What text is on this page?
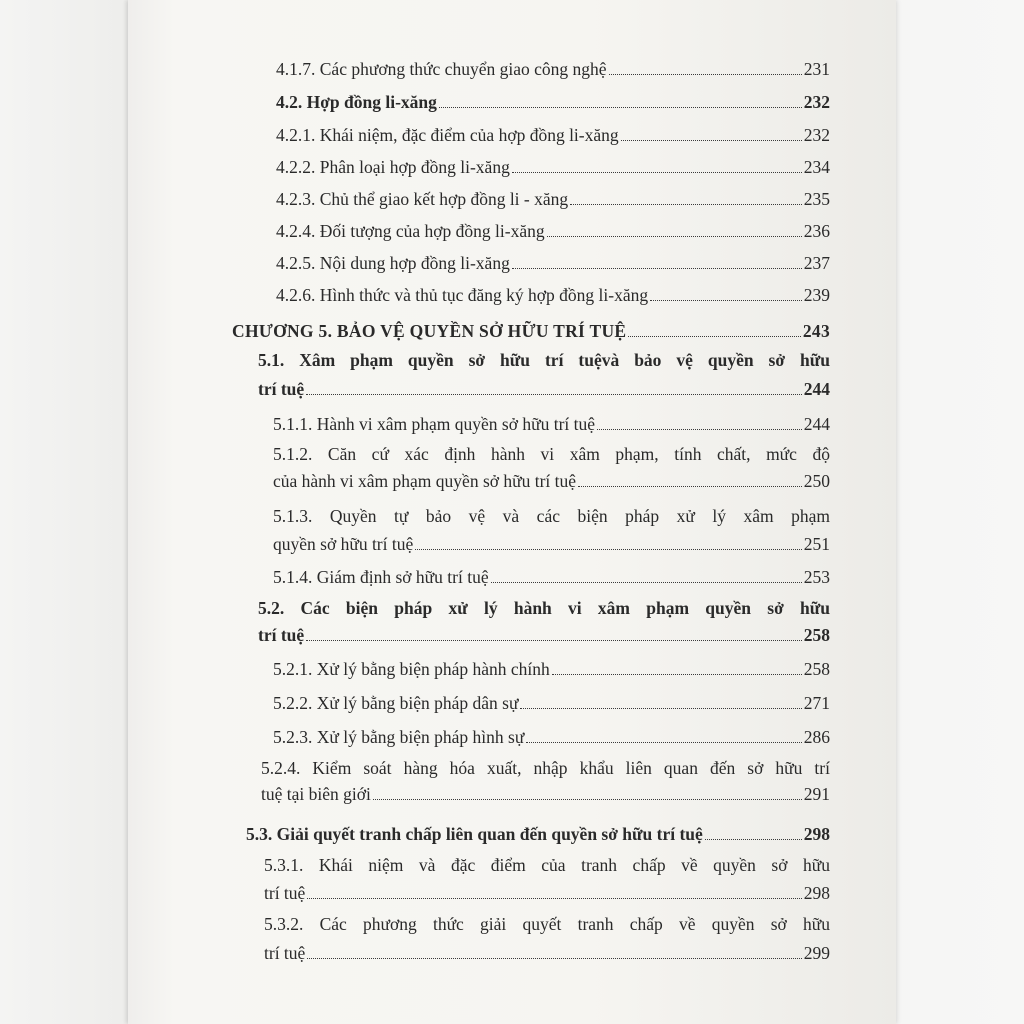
4.1.7. Các phương thức chuyển giao công nghệ	231
4.2. Hợp đồng li-xăng	232
4.2.1. Khái niệm, đặc điểm của hợp đồng li-xăng	232
4.2.2. Phân loại hợp đồng li-xăng	234
4.2.3. Chủ thể giao kết hợp đồng li - xăng	235
4.2.4. Đối tượng của hợp đồng li-xăng	236
4.2.5. Nội dung hợp đồng li-xăng	237
4.2.6. Hình thức và thủ tục đăng ký hợp đồng li-xăng	239
CHƯƠNG 5. BẢO VỆ QUYỀN SỞ HỮU TRÍ TUỆ	243
5.1. Xâm phạm quyền sở hữu trí tuệvà bảo vệ quyền sở hữu
trí tuệ	244
5.1.1. Hành vi xâm phạm quyền sở hữu trí tuệ	244
5.1.2. Căn cứ xác định hành vi xâm phạm, tính chất, mức độ
của hành vi xâm phạm quyền sở hữu trí tuệ	250
5.1.3. Quyền tự bảo vệ và các biện pháp xử lý xâm phạm
quyền sở hữu trí tuệ	251
5.1.4. Giám định sở hữu trí tuệ	253
5.2. Các biện pháp xử lý hành vi xâm phạm quyền sở hữu
trí tuệ	258
5.2.1. Xử lý bằng biện pháp hành chính	258
5.2.2. Xử lý bằng biện pháp dân sự	271
5.2.3. Xử lý bằng biện pháp hình sự	286
5.2.4. Kiểm soát hàng hóa xuất, nhập khẩu liên quan đến sở hữu trí
tuệ tại biên giới	291
5.3. Giải quyết tranh chấp liên quan đến quyền sở hữu trí tuệ	298
5.3.1. Khái niệm và đặc điểm của tranh chấp về quyền sở hữu
trí tuệ	298
5.3.2. Các phương thức giải quyết tranh chấp về quyền sở hữu
trí tuệ	299
